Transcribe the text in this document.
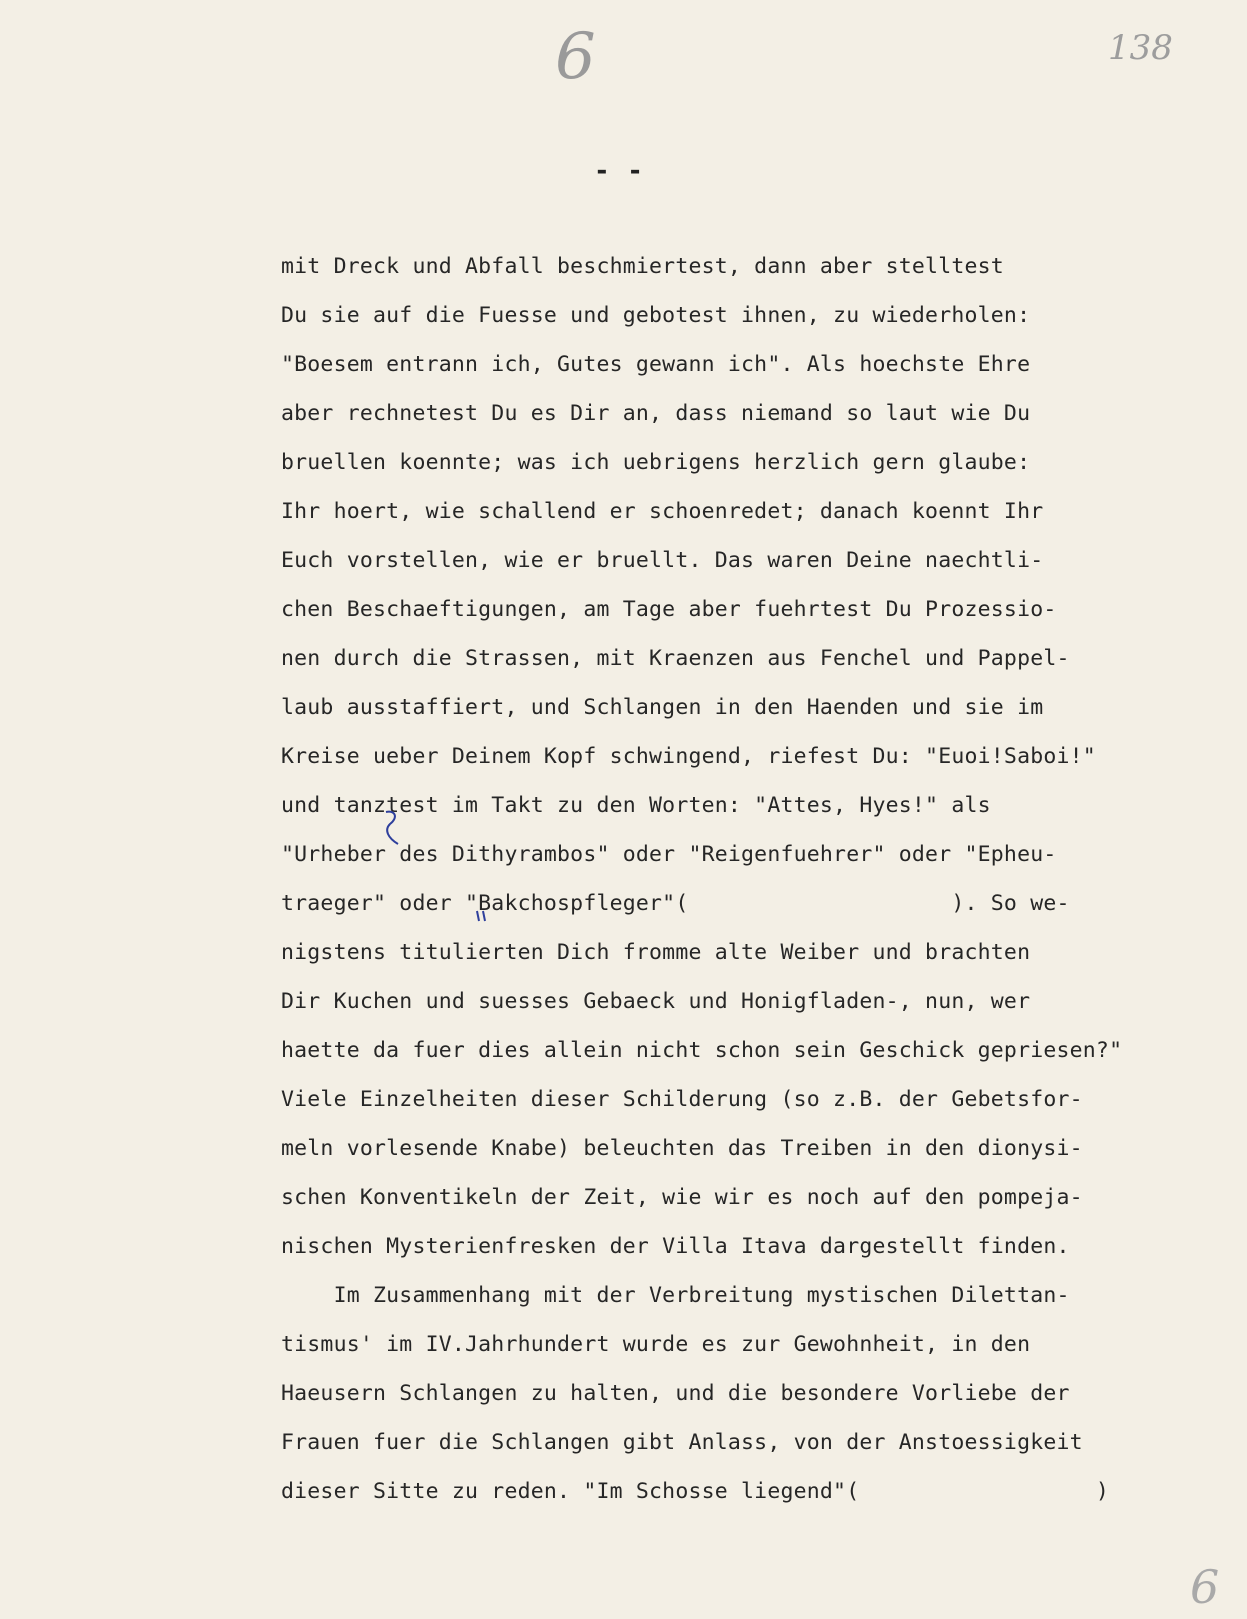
6	138
- -
mit Dreck und Abfall beschmiertest, dann aber stelltest
Du sie auf die Fuesse und gebotest ihnen, zu wiederholen:
"Boesem entrann ich, Gutes gewann ich". Als hoechste Ehre
aber rechnetest Du es Dir an, dass niemand so laut wie Du
bruellen koennte; was ich uebrigens herzlich gern glaube:
Ihr hoert, wie schallend er schoenredet; danach koennt Ihr
Euch vorstellen, wie er bruellt. Das waren Deine naechtli-
chen Beschaeftigungen, am Tage aber fuehrtest Du Prozessio-
nen durch die Strassen, mit Kraenzen aus Fenchel und Pappel-
laub ausstaffiert, und Schlangen in den Haenden und sie im
Kreise ueber Deinem Kopf schwingend, riefest Du: "Euoi!Saboi!"
und tanztest im Takt zu den Worten: "Attes, Hyes!" als
"Urheber des Dithyrambos" oder "Reigenfuehrer" oder "Epheu-
traeger" oder "Bakchospfleger"(                    ). So we-
nigstens titulierten Dich fromme alte Weiber und brachten
Dir Kuchen und suesses Gebaeck und Honigfladen-, nun, wer
haette da fuer dies allein nicht schon sein Geschick gepriesen?"
Viele Einzelheiten dieser Schilderung (so z.B. der Gebetsfor-
meln vorlesende Knabe) beleuchten das Treiben in den dionysi-
schen Konventikeln der Zeit, wie wir es noch auf den pompeja-
nischen Mysterienfresken der Villa Itava dargestellt finden.
Im Zusammenhang mit der Verbreitung mystischen Dilettan-
tismus' im IV.Jahrhundert wurde es zur Gewohnheit, in den
Haeusern Schlangen zu halten, und die besondere Vorliebe der
Frauen fuer die Schlangen gibt Anlass, von der Anstoessigkeit
dieser Sitte zu reden. "Im Schosse liegend"(                  )
6
